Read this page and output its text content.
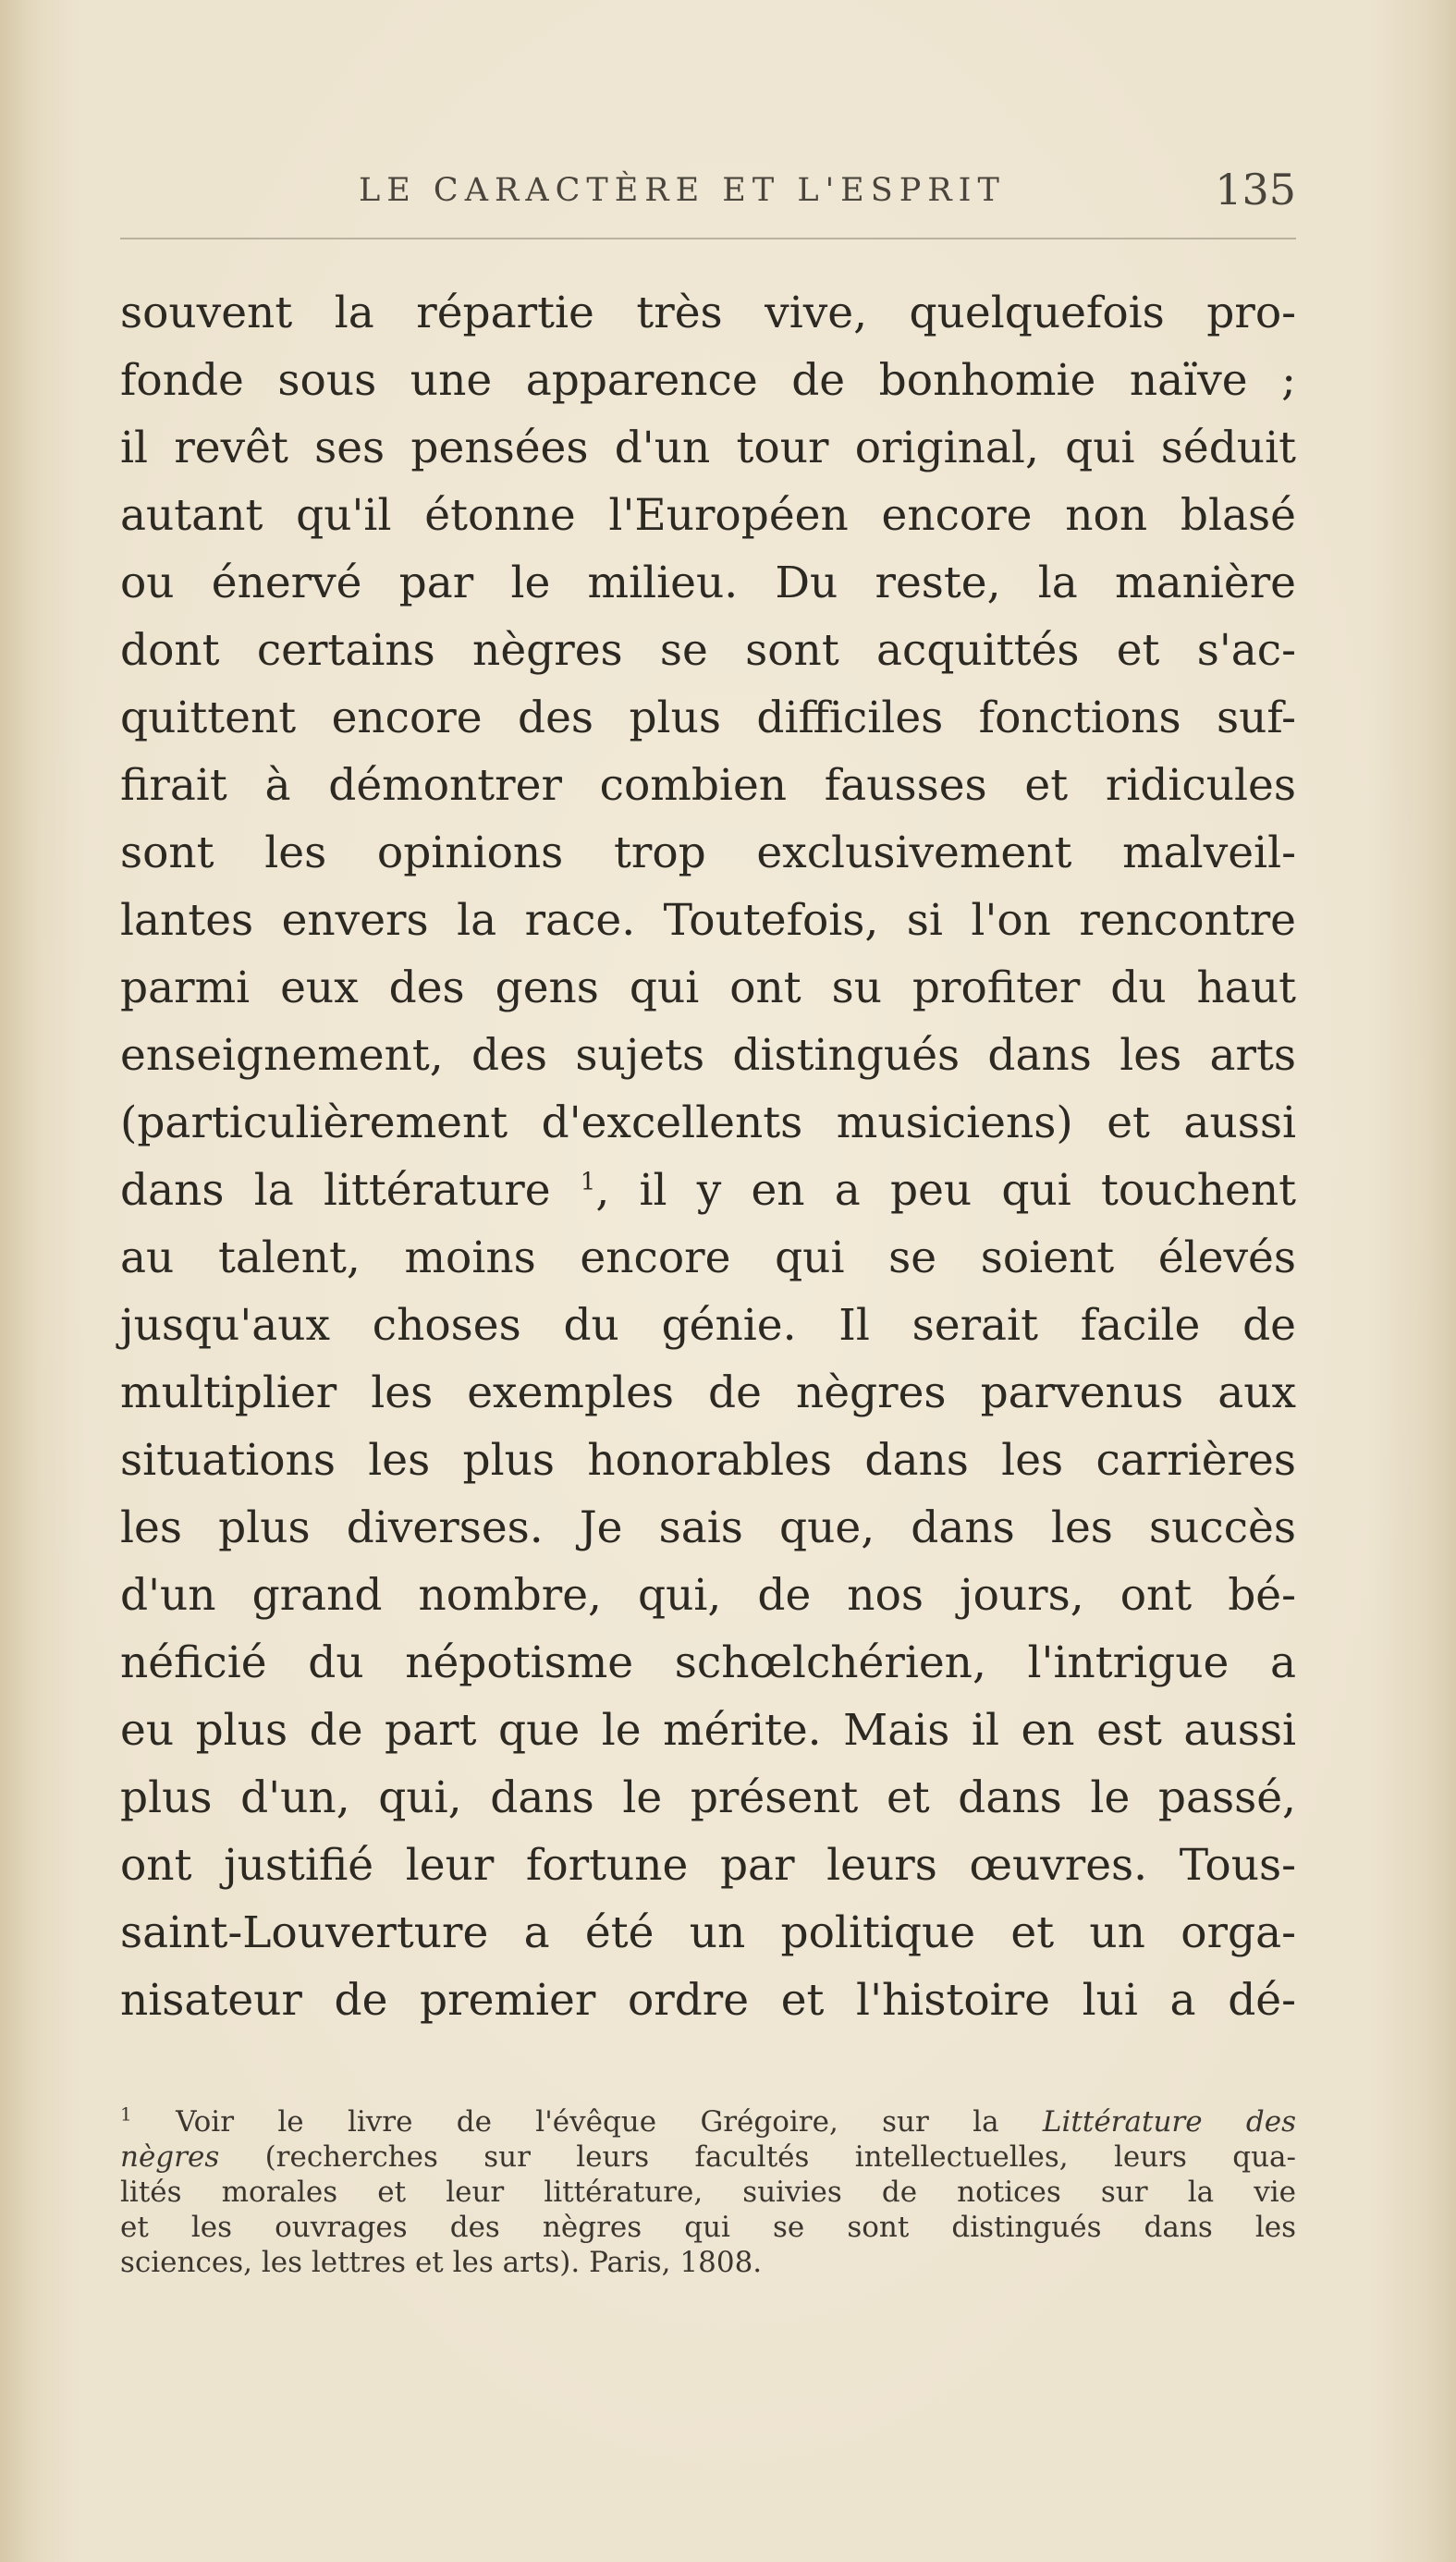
LE CARACTÈRE ET L'ESPRIT	135
souvent la répartie très vive, quelquefois pro-
fonde sous une apparence de bonhomie naïve ;
il revêt ses pensées d'un tour original, qui séduit
autant qu'il étonne l'Européen encore non blasé
ou énervé par le milieu. Du reste, la manière
dont certains nègres se sont acquittés et s'ac-
quittent encore des plus difficiles fonctions suf-
firait à démontrer combien fausses et ridicules
sont les opinions trop exclusivement malveil-
lantes envers la race. Toutefois, si l'on rencontre
parmi eux des gens qui ont su profiter du haut
enseignement, des sujets distingués dans les arts
(particulièrement d'excellents musiciens) et aussi
dans la littérature $^1$, il y en a peu qui touchent
au talent, moins encore qui se soient élevés
jusqu'aux choses du génie. Il serait facile de
multiplier les exemples de nègres parvenus aux
situations les plus honorables dans les carrières
les plus diverses. Je sais que, dans les succès
d'un grand nombre, qui, de nos jours, ont bé-
néficié du népotisme schœlchérien, l'intrigue a
eu plus de part que le mérite. Mais il en est aussi
plus d'un, qui, dans le présent et dans le passé,
ont justifié leur fortune par leurs œuvres. Tous-
saint-Louverture a été un politique et un orga-
nisateur de premier ordre et l'histoire lui a dé-
$^1$ Voir le livre de l'évêque Grégoire, sur la Littérature des
nègres (recherches sur leurs facultés intellectuelles, leurs qua-
lités morales et leur littérature, suivies de notices sur la vie
et les ouvrages des nègres qui se sont distingués dans les
sciences, les lettres et les arts). Paris, 1808.
